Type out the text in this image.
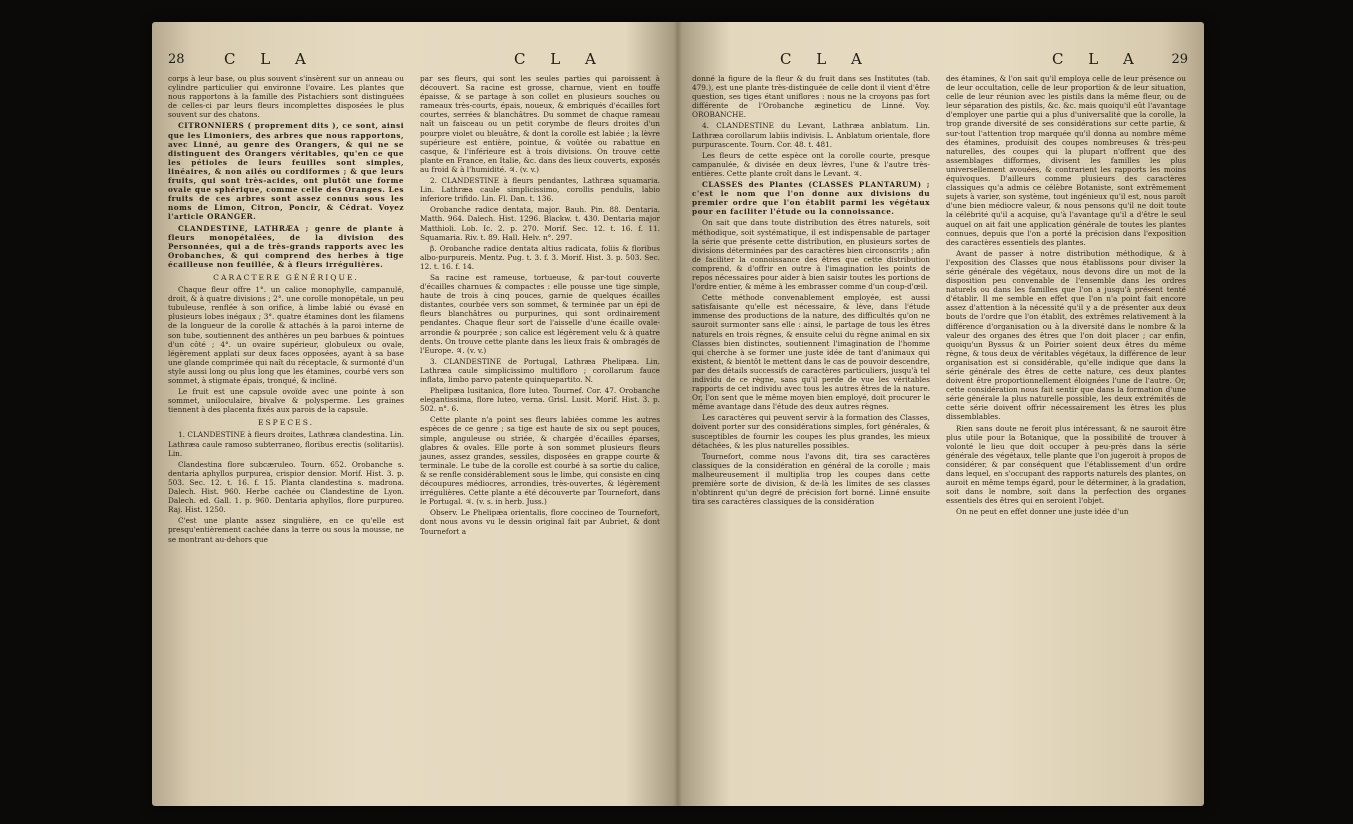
28	C L A	C L A

corps à leur base, ou plus souvent s'insèrent sur un anneau ou cylindre particulier qui environne l'ovaire. Les plantes que nous rapportons à la famille des Pistachiers sont distinguées de celles-ci par leurs fleurs incomplettes disposées le plus souvent sur des chatons.

CITRONNIERS ( proprement dits ), ce sont, ainsi que les Limoniers, des arbres que nous rapportons, avec Linné, au genre des Orangers, & qui ne se distinguent des Orangers véritables, qu'en ce que les pétioles de leurs feuilles sont simples, linéaires, & non ailés ou cordiformes ; & que leurs fruits, qui sont très-acides, ont plutôt une forme ovale que sphérique, comme celle des Oranges. Les fruits de ces arbres sont assez connus sous les noms de Limon, Citron, Poncir, & Cédrat. Voyez l'article ORANGER.

CLANDESTINE, LATHRÆA ; genre de plante à fleurs monopétalées, de la division des Personnées, qui a de très-grands rapports avec les Orobanches, & qui comprend des herbes à tige écailleuse non feuillée, & à fleurs irrégulières.

CARACTERE GÉNÉRIQUE.

Chaque fleur offre 1°. un calice monophylle, campanulé, droit, & à quatre divisions ; 2°. une corolle monopétale, un peu tubuleuse, renflée à son orifice, à limbe labié ou évasé en plusieurs lobes inégaux ; 3°. quatre étamines dont les filamens de la longueur de la corolle & attachés à la paroi interne de son tube, soutiennent des anthères un peu barbues & pointues d'un côté ; 4°. un ovaire supérieur, globuleux ou ovale, légèrement applati sur deux faces opposées, ayant à sa base une glande comprimée qui naît du réceptacle, & surmonté d'un style aussi long ou plus long que les étamines, courbé vers son sommet, à stigmate épais, tronqué, & incliné.

Le fruit est une capsule ovoïde avec une pointe à son sommet, uniloculaire, bivalve & polysperme. Les graines tiennent à des placenta fixés aux parois de la capsule.

ESPECES.

1. CLANDESTINE à fleurs droites, Lathræa clandestina. Lin. Lathræa caule ramoso subterraneo, floribus erectis (solitariis). Lin.

Clandestina flore subcæruleo. Tourn. 652. Orobanche s. dentaria aphyllos purpurea, crispior densior. Morif. Hist. 3. p. 503. Sec. 12. t. 16. f. 15. Planta clandestina s. madrona. Dalech. Hist. 960. Herbe cachée ou Clandestine de Lyon. Dalech. ed. Gall. 1. p. 960. Dentaria aphyllos, flore purpureo. Raj. Hist. 1250.

C'est une plante assez singulière, en ce qu'elle est presqu'entièrement cachée dans la terre ou sous la mousse, ne se montrant au-dehors que

par ses fleurs, qui sont les seules parties qui paroissent à découvert. Sa racine est grosse, charnue, vient en touffe épaisse, & se partage à son collet en plusieurs souches ou rameaux très-courts, épais, noueux, & embriqués d'écailles fort courtes, serrées & blanchâtres. Du sommet de chaque rameau naît un faisceau ou un petit corymbe de fleurs droites d'un pourpre violet ou bleuâtre, & dont la corolle est labiée ; la lèvre supérieure est entière, pointue, & voûtée ou rabattue en casque, & l'inférieure est à trois divisions. On trouve cette plante en France, en Italie, &c. dans des lieux couverts, exposés au froid & à l'humidité. ♃. (v. v.)

2. CLANDESTINE à fleurs pendantes, Lathræa squamaria. Lin. Lathræa caule simplicissimo, corollis pendulis, labio inferiore trifido. Lin. Fl. Dan. t. 136.

Orobanche radice dentata, major. Bauh. Pin. 88. Dentaria. Matth. 964. Dalech. Hist. 1296. Blackw. t. 430. Dentaria major Matthioli. Lob. Ic. 2. p. 270. Morif. Sec. 12. t. 16. f. 11. Squamaria. Riv. t. 89. Hall. Helv. n°. 297.

β. Orobanche radice dentata altius radicata, foliis & floribus albo-purpureis. Mentz. Pug. t. 3. f. 3. Morif. Hist. 3. p. 503. Sec. 12. t. 16. f. 14.

Sa racine est rameuse, tortueuse, & par-tout couverte d'écailles charnues & compactes : elle pousse une tige simple, haute de trois à cinq pouces, garnie de quelques écailles distantes, courbée vers son sommet, & terminée par un épi de fleurs blanchâtres ou purpurines, qui sont ordinairement pendantes. Chaque fleur sort de l'aisselle d'une écaille ovale-arrondie & pourprée ; son calice est légèrement velu & à quatre dents. On trouve cette plante dans les lieux frais & ombragés de l'Europe. ♃. (v. v.)

3. CLANDESTINE de Portugal, Lathræa Phelipæa. Lin. Lathræa caule simplicissimo multifloro ; corollarum fauce inflata, limbo parvo patente quinquepartito. N.

Phelipæa lusitanica, flore luteo. Tournef. Cor. 47. Orobanche elegantissima, flore luteo, verna. Grisl. Lusit. Morif. Hist. 3. p. 502. n°. 6.

Cette plante n'a point ses fleurs labiées comme les autres espèces de ce genre ; sa tige est haute de six ou sept pouces, simple, anguleuse ou striée, & chargée d'écailles éparses, glabres & ovales. Elle porte à son sommet plusieurs fleurs jaunes, assez grandes, sessiles, disposées en grappe courte & terminale. Le tube de la corolle est courbé à sa sortie du calice, & se renfle considérablement sous le limbe, qui consiste en cinq découpures médiocres, arrondies, très-ouvertes, & légèrement irrégulières. Cette plante a été découverte par Tournefort, dans le Portugal. ♃. (v. s. in herb. Juss.)

Observ. Le Phelipæa orientalis, flore coccineo de Tournefort, dont nous avons vu le dessin original fait par Aubriet, & dont Tournefort a

C L A	C L A 29

donné la figure de la fleur & du fruit dans ses Institutes (tab. 479.), est une plante très-distinguée de celle dont il vient d'être question, ses tiges étant uniflores : nous ne la croyons pas fort différente de l'Orobanche ægineticu de Linné. Voy. OROBANCHE.

4. CLANDESTINE du Levant, Lathræa anblatum. Lin. Lathræa corollarum labiis indivisis. L. Anblatum orientale, flore purpurascente. Tourn. Cor. 48. t. 481.

Les fleurs de cette espèce ont la corolle courte, presque campanulée, & divisée en deux lèvres, l'une & l'autre très-entières. Cette plante croît dans le Levant. ♃.

CLASSES des Plantes (CLASSES PLANTARUM) ; c'est le nom que l'on donne aux divisions du premier ordre que l'on établit parmi les végétaux pour en faciliter l'étude ou la connoissance.

On sait que dans toute distribution des êtres naturels, soit méthodique, soit systématique, il est indispensable de partager la série que présente cette distribution, en plusieurs sortes de divisions déterminées par des caractères bien circonscrits ; afin de faciliter la connoissance des êtres que cette distribution comprend, & d'offrir en outre à l'imagination les points de repos nécessaires pour aider à bien saisir toutes les portions de l'ordre entier, & même à les embrasser comme d'un coup-d'œil.

Cette méthode convenablement employée, est aussi satisfaisante qu'elle est nécessaire, & lève, dans l'étude immense des productions de la nature, des difficultés qu'on ne sauroit surmonter sans elle : ainsi, le partage de tous les êtres naturels en trois règnes, & ensuite celui du règne animal en six Classes bien distinctes, soutiennent l'imagination de l'homme qui cherche à se former une juste idée de tant d'animaux qui existent, & bientôt le mettent dans le cas de pouvoir descendre, par des détails successifs de caractères particuliers, jusqu'à tel individu de ce règne, sans qu'il perde de vue les véritables rapports de cet individu avec tous les autres êtres de la nature. Or, l'on sent que le même moyen bien employé, doit procurer le même avantage dans l'étude des deux autres règnes.

Les caractères qui peuvent servir à la formation des Classes, doivent porter sur des considérations simples, fort générales, & susceptibles de fournir les coupes les plus grandes, les mieux détachées, & les plus naturelles possibles.

Tournefort, comme nous l'avons dit, tira ses caractères classiques de la considération en général de la corolle ; mais malheureusement il multiplia trop les coupes dans cette première sorte de division, & de-là les limites de ses classes n'obtinrent qu'un degré de précision fort borné. Linné ensuite tira ses caractères classiques de la considération

des étamines, & l'on sait qu'il employa celle de leur présence ou de leur occultation, celle de leur proportion & de leur situation, celle de leur réunion avec les pistils dans la même fleur, ou de leur séparation des pistils, &c. &c. mais quoiqu'il eût l'avantage d'employer une partie qui a plus d'universalité que la corolle, la trop grande diversité de ses considérations sur cette partie, & sur-tout l'attention trop marquée qu'il donna au nombre même des étamines, produisit des coupes nombreuses & très-peu naturelles, des coupes qui la plupart n'offrent que des assemblages difformes, divisent les familles les plus universellement avouées, & contrarient les rapports les moins équivoques. D'ailleurs comme plusieurs des caractères classiques qu'a admis ce célèbre Botaniste, sont extrêmement sujets à varier, son système, tout ingénieux qu'il est, nous paroît d'une bien médiocre valeur, & nous pensons qu'il ne doit toute la célébrité qu'il a acquise, qu'à l'avantage qu'il a d'être le seul auquel on ait fait une application générale de toutes les plantes connues, depuis que l'on a porté la précision dans l'exposition des caractères essentiels des plantes.

Avant de passer à notre distribution méthodique, & à l'exposition des Classes que nous établissons pour diviser la série générale des végétaux, nous devons dire un mot de la disposition peu convenable de l'ensemble dans les ordres naturels ou dans les familles que l'on a jusqu'à présent tenté d'établir. Il me semble en effet que l'on n'a point fait encore assez d'attention à la nécessité qu'il y a de présenter aux deux bouts de l'ordre que l'on établit, des extrêmes relativement à la différence d'organisation ou à la diversité dans le nombre & la valeur des organes des êtres que l'on doit placer ; car enfin, quoiqu'un Byssus & un Poirier soient deux êtres du même règne, & tous deux de véritables végétaux, la différence de leur organisation est si considérable, qu'elle indique que dans la série générale des êtres de cette nature, ces deux plantes doivent être proportionnellement éloignées l'une de l'autre. Or, cette considération nous fait sentir que dans la formation d'une série générale la plus naturelle possible, les deux extrémités de cette série doivent offrir nécessairement les êtres les plus dissemblables.

Rien sans doute ne feroit plus intéressant, & ne sauroit être plus utile pour la Botanique, que la possibilité de trouver à volonté le lieu que doit occuper à peu-près dans la série générale des végétaux, telle plante que l'on jugeroit à propos de considérer, & par conséquent que l'établissement d'un ordre dans lequel, en s'occupant des rapports naturels des plantes, on auroit en même temps égard, pour le déterminer, à la gradation, soit dans le nombre, soit dans la perfection des organes essentiels des êtres qui en seroient l'objet.

On ne peut en effet donner une juste idée d'un
